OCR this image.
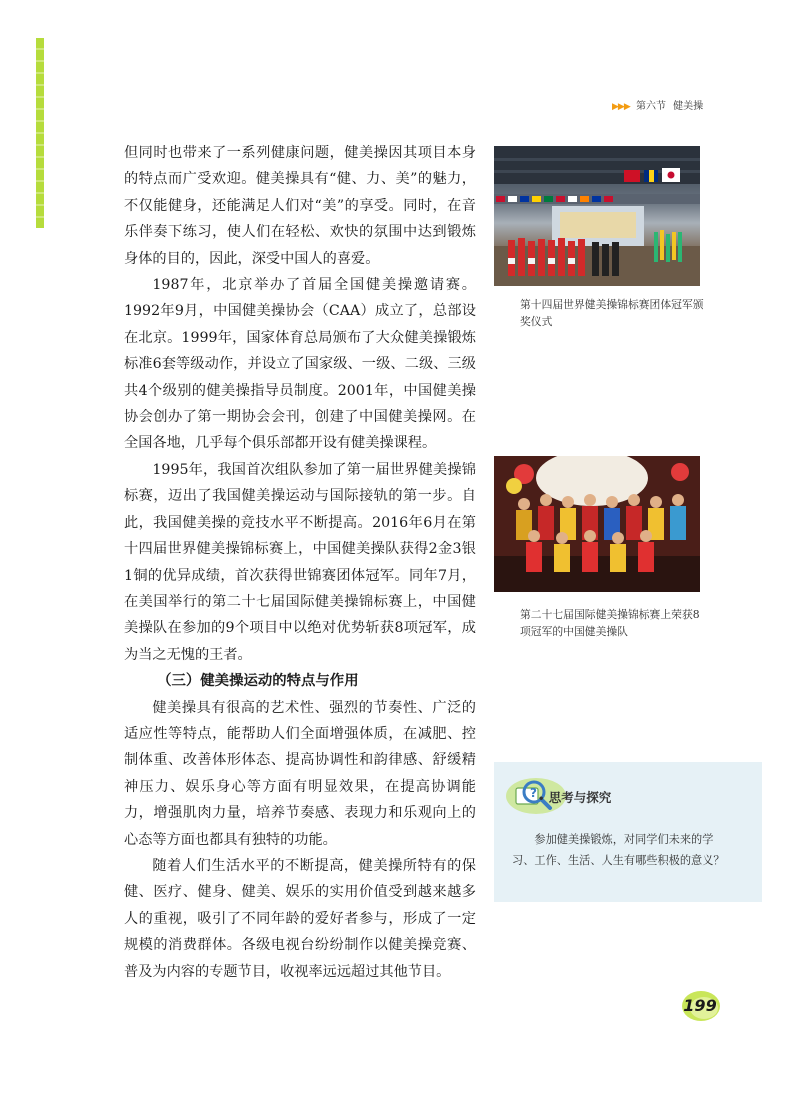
▶▶▶ 第六节 健美操

但同时也带来了一系列健康问题，健美操因其项目本身的特点而广受欢迎。健美操具有“健、力、美”的魅力，不仅能健身，还能满足人们对“美”的享受。同时，在音乐伴奏下练习，使人们在轻松、欢快的氛围中达到锻炼身体的目的，因此，深受中国人的喜爱。

1987年，北京举办了首届全国健美操邀请赛。1992年9月，中国健美操协会（CAA）成立了，总部设在北京。1999年，国家体育总局颁布了大众健美操锻炼标准6套等级动作，并设立了国家级、一级、二级、三级共4个级别的健美操指导员制度。2001年，中国健美操协会创办了第一期协会会刊，创建了中国健美操网。在全国各地，几乎每个俱乐部都开设有健美操课程。

1995年，我国首次组队参加了第一届世界健美操锦标赛，迈出了我国健美操运动与国际接轨的第一步。自此，我国健美操的竞技水平不断提高。2016年6月在第十四届世界健美操锦标赛上，中国健美操队获得2金3银1铜的优异成绩，首次获得世锦赛团体冠军。同年7月，在美国举行的第二十七届国际健美操锦标赛上，中国健美操队在参加的9个项目中以绝对优势斩获8项冠军，成为当之无愧的王者。

（三）健美操运动的特点与作用

健美操具有很高的艺术性、强烈的节奏性、广泛的适应性等特点，能帮助人们全面增强体质，在减肥、控制体重、改善体形体态、提高协调性和韵律感、舒缓精神压力、娱乐身心等方面有明显效果，在提高协调能力，增强肌肉力量，培养节奏感、表现力和乐观向上的心态等方面也都具有独特的功能。

随着人们生活水平的不断提高，健美操所特有的保健、医疗、健身、健美、娱乐的实用价值受到越来越多人的重视，吸引了不同年龄的爱好者参与，形成了一定规模的消费群体。各级电视台纷纷制作以健美操竞赛、普及为内容的专题节目，收视率远远超过其他节目。

第十四届世界健美操锦标赛团体冠军颁奖仪式
第二十七届国际健美操锦标赛上荣获8项冠军的中国健美操队
? • 思考与探究
参加健美操锻炼，对同学们未来的学习、工作、生活、人生有哪些积极的意义？
199
